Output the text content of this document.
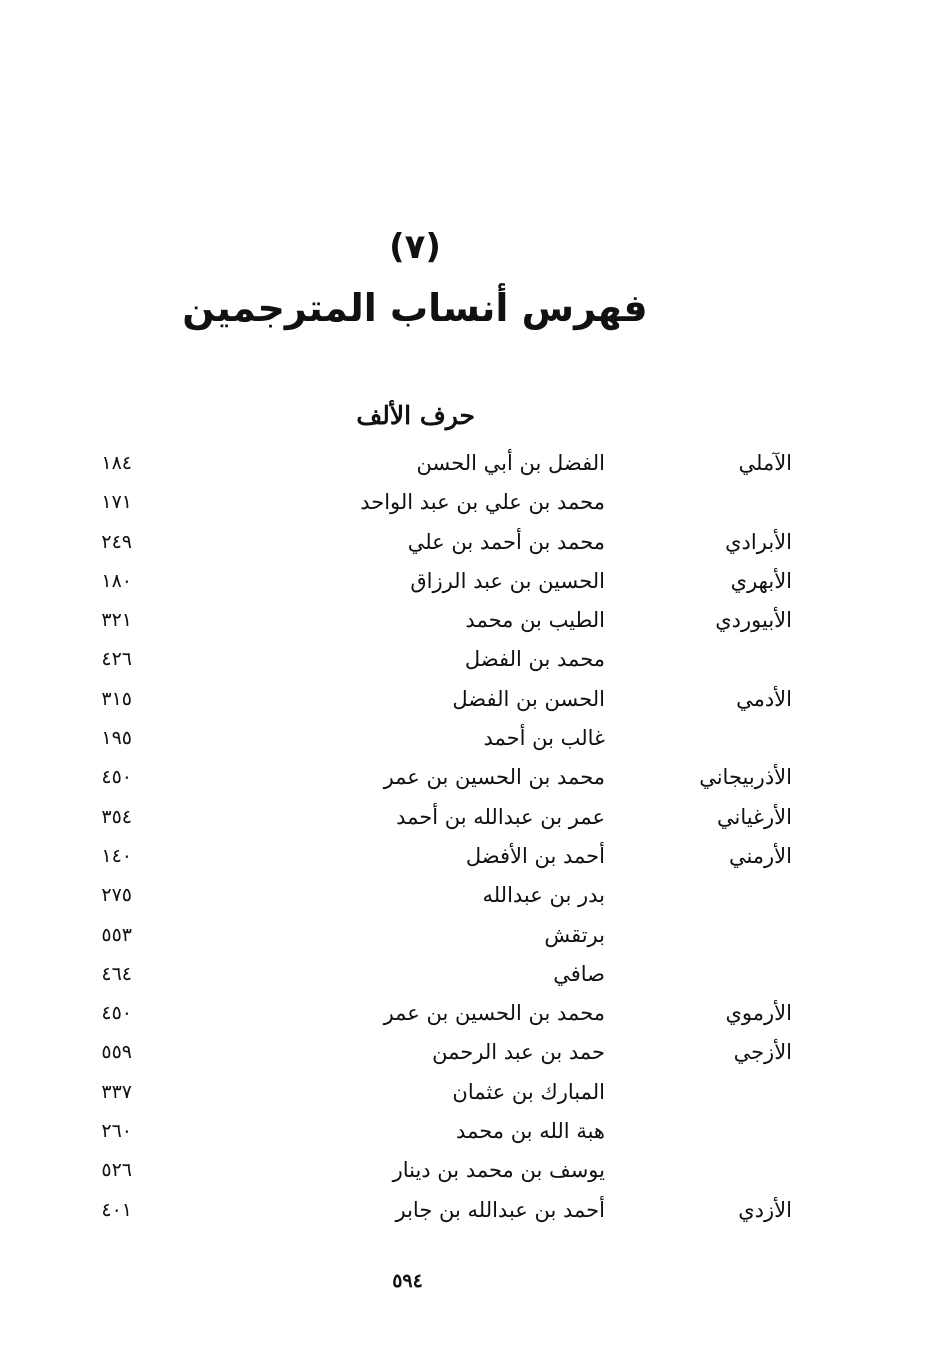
(٧)
فهرس أنساب المترجمين
حرف الألف
الآملي
الفضل بن أبي الحسن
١٨٤
محمد بن علي بن عبد الواحد
١٧١
الأبرادي
محمد بن أحمد بن علي
٢٤٩
الأبهري
الحسين بن عبد الرزاق
١٨٠
الأبيوردي
الطيب بن محمد
٣٢١
محمد بن الفضل
٤٢٦
الأدمي
الحسن بن الفضل
٣١٥
غالب بن أحمد
١٩٥
الأذربيجاني
محمد بن الحسين بن عمر
٤٥٠
الأرغياني
عمر بن عبدالله بن أحمد
٣٥٤
الأرمني
أحمد بن الأفضل
١٤٠
بدر بن عبدالله
٢٧٥
برتقش
٥٥٣
صافي
٤٦٤
الأرموي
محمد بن الحسين بن عمر
٤٥٠
الأزجي
حمد بن عبد الرحمن
٥٥٩
المبارك بن عثمان
٣٣٧
هبة الله بن محمد
٢٦٠
يوسف بن محمد بن دينار
٥٢٦
الأزدي
أحمد بن عبدالله بن جابر
٤٠١
٥٩٤
